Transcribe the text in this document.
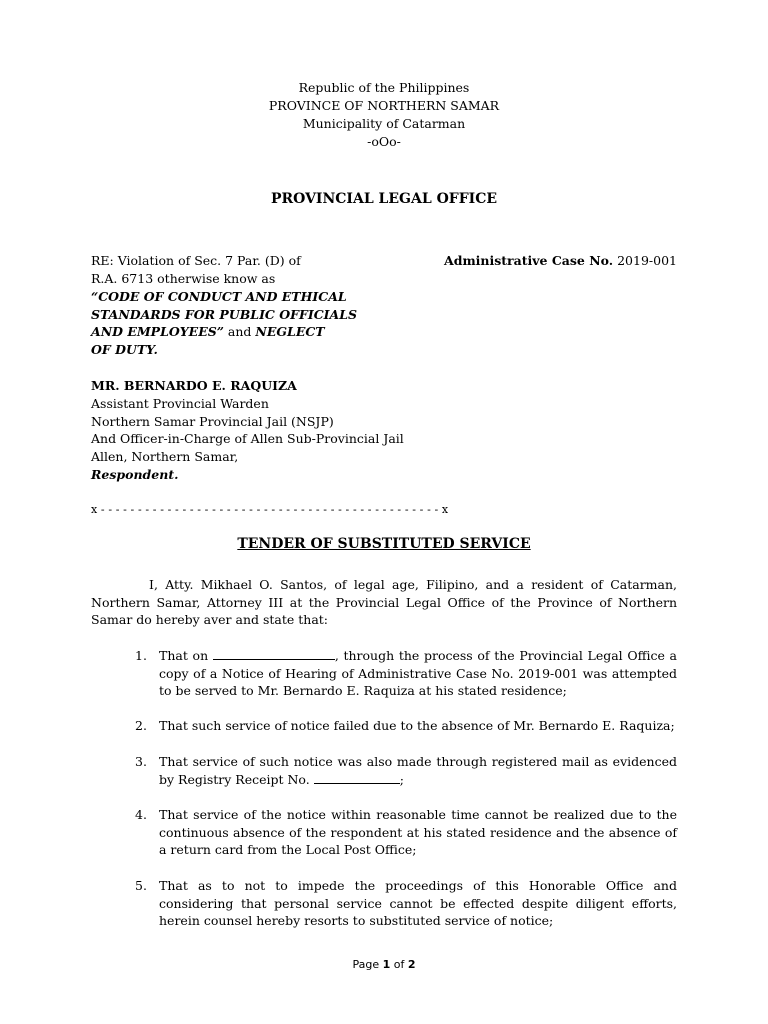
Republic of the Philippines
PROVINCE OF NORTHERN SAMAR
Municipality of Catarman
-oOo-
PROVINCIAL LEGAL OFFICE
RE: Violation of Sec. 7 Par. (D) of
R.A. 6713 otherwise know as
“CODE OF CONDUCT AND ETHICAL
STANDARDS FOR PUBLIC OFFICIALS
AND EMPLOYEES” and NEGLECT
OF DUTY.
Administrative Case No. 2019-001
MR. BERNARDO E. RAQUIZA
Assistant Provincial Warden
Northern Samar Provincial Jail (NSJP)
And Officer-in-Charge of Allen Sub-Provincial Jail
Allen, Northern Samar,
Respondent.
x - - - - - - - - - - - - - - - - - - - - - - - - - - - - - - - - - - - - - - - - - - - - - - x
TENDER OF SUBSTITUTED SERVICE
I, Atty. Mikhael O. Santos, of legal age, Filipino, and a resident of Catarman, Northern Samar, Attorney III at the Provincial Legal Office of the Province of Northern Samar do hereby aver and state that:
1. That on	, through the process of the Provincial Legal Office a copy of a Notice of Hearing of Administrative Case No. 2019-001 was attempted to be served to Mr. Bernardo E. Raquiza at his stated residence;
2. That such service of notice failed due to the absence of Mr. Bernardo E. Raquiza;
3. That service of such notice was also made through registered mail as evidenced by Registry Receipt No.	;
4. That service of the notice within reasonable time cannot be realized due to the continuous absence of the respondent at his stated residence and the absence of a return card from the Local Post Office;
5. That as to not to impede the proceedings of this Honorable Office and considering that personal service cannot be effected despite diligent efforts, herein counsel hereby resorts to substituted service of notice;
Page 1 of 2
